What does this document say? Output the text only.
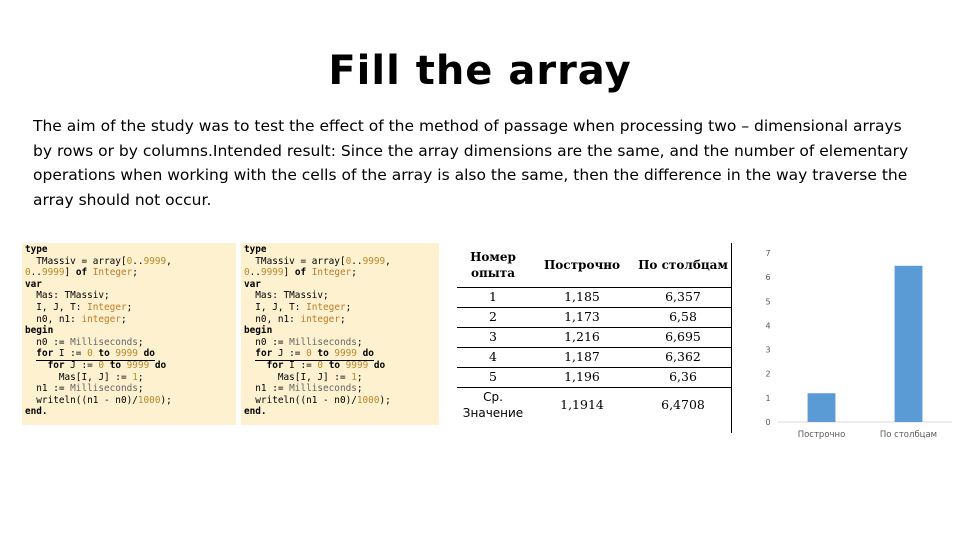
Fill the array
The aim of the study was to test the effect of the method of passage when processing two – dimensional arrays by rows or by columns.Intended result: Since the array dimensions are the same, and the number of elementary operations when working with the cells of the array is also the same, then the difference in the way traverse the array should not occur.
type
TMassiv = array[0..9999,
0..9999] of Integer;
var
Mas: TMassiv;
I, J, T: Integer;
n0, n1: integer;
begin
n0 := Milliseconds;
for I := 0 to 9999 do
for J := 0 to 9999 do
Mas[I, J] := 1;
n1 := Milliseconds;
writeln((n1 - n0)/1000);
end.
type
TMassiv = array[0..9999,
0..9999] of Integer;
var
Mas: TMassiv;
I, J, T: Integer;
n0, n1: integer;
begin
n0 := Milliseconds;
for J := 0 to 9999 do
for I := 0 to 9999 do
Mas[I, J] := 1;
n1 := Milliseconds;
writeln((n1 - n0)/1000);
end.
Номер опыта	Построчно	По столбцам
1	1,185	6,357
2	1,173	6,58
3	1,216	6,695
4	1,187	6,362
5	1,196	6,36
Ср. Значение	1,1914	6,4708
0
1
2
3
4
5
6
7
Построчно	По столбцам
